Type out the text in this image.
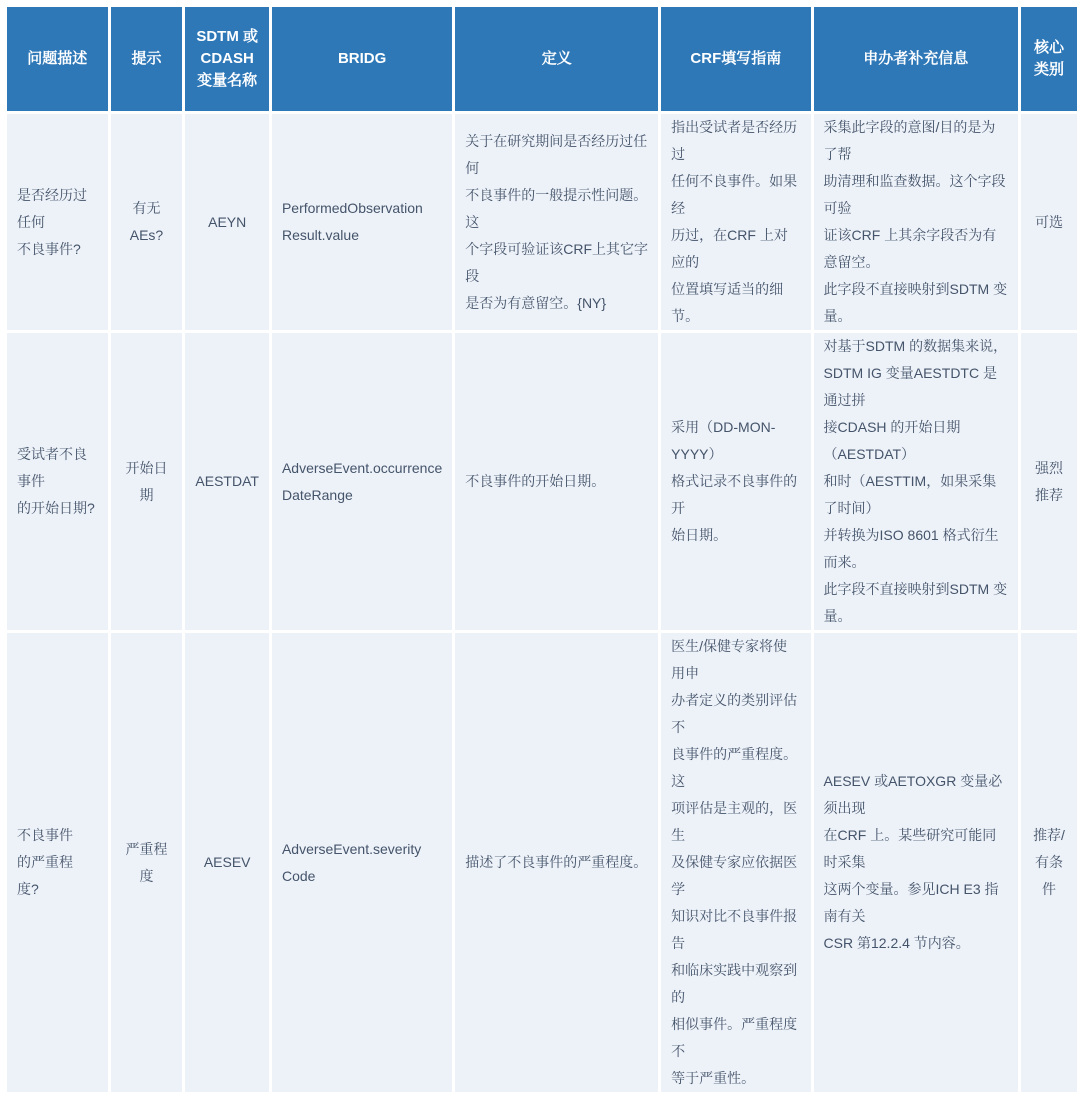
问题描述	提示	SDTM 或
CDASH
变量名称	BRIDG	定义	CRF填写指南	申办者补充信息	核心
类别
是否经历过任何
不良事件?	有无AEs?	AEYN	PerformedObservation
Result.value	关于在研究期间是否经历过任何
不良事件的一般提示性问题。这
个字段可验证该CRF上其它字段
是否为有意留空。{NY}	指出受试者是否经历过
任何不良事件。如果经
历过，在CRF 上对应的
位置填写适当的细节。	采集此字段的意图/目的是为了帮
助清理和监查数据。这个字段可验
证该CRF 上其余字段否为有意留空。
此字段不直接映射到SDTM 变量。	可选
受试者不良事件
的开始日期?	开始日期	AESTDAT	AdverseEvent.occurrence
DateRange	不良事件的开始日期。	采用（DD-MON-YYYY）
格式记录不良事件的开
始日期。	对基于SDTM 的数据集来说，
SDTM IG 变量AESTDTC 是通过拼
接CDASH 的开始日期（AESTDAT）
和时（AESTTIM，如果采集了时间）
并转换为ISO 8601 格式衍生而来。
此字段不直接映射到SDTM 变
量。	强烈
推荐
不良事件
的严重程
度?	严重程度	AESEV	AdverseEvent.severity
Code	描述了不良事件的严重程度。	医生/保健专家将使用申
办者定义的类别评估不
良事件的严重程度。这
项评估是主观的，医生
及保健专家应依据医学
知识对比不良事件报告
和临床实践中观察到的
相似事件。严重程度不
等于严重性。	AESEV 或AETOXGR 变量必须出现
在CRF 上。某些研究可能同时采集
这两个变量。参见ICH E3 指南有关
CSR 第12.2.4 节内容。	推荐/
有条件
